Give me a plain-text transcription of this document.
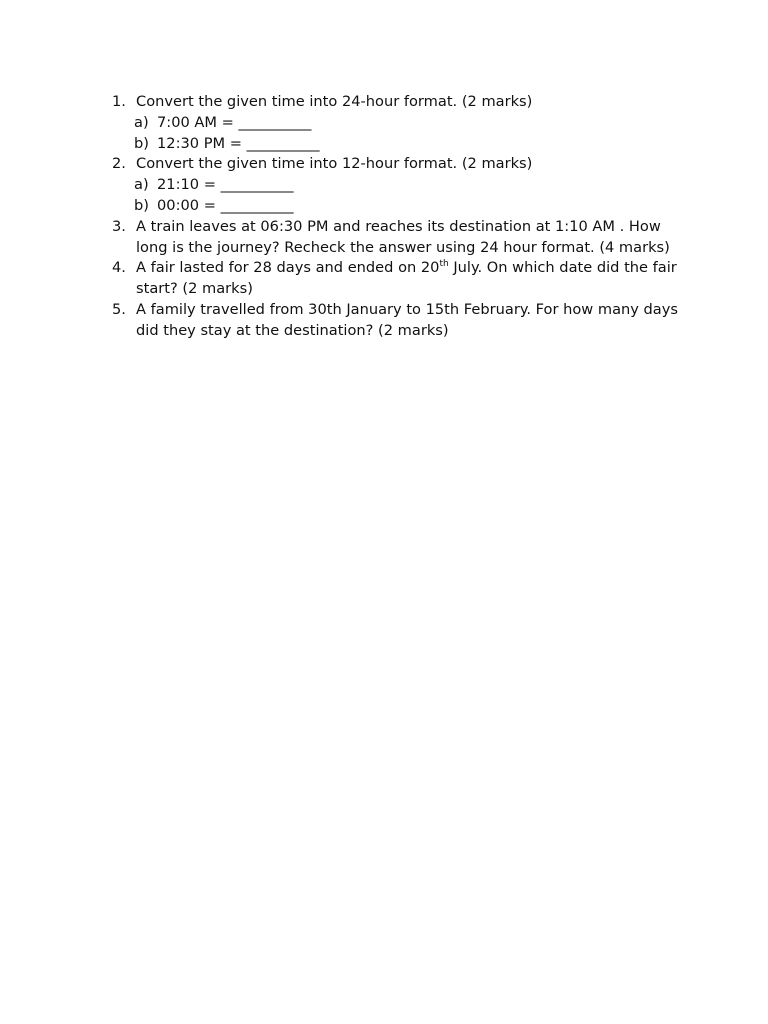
1. Convert the given time into 24-hour format. (2 marks)
a) 7:00 AM = __________
b) 12:30 PM = __________
2. Convert the given time into 12-hour format. (2 marks)
a) 21:10 = __________
b) 00:00 = __________
3. A train leaves at 06:30 PM and reaches its destination at 1:10 AM . How long is the journey? Recheck the answer using 24 hour format. (4 marks)
4. A fair lasted for 28 days and ended on 20th July. On which date did the fair start? (2 marks)
5. A family travelled from 30th January to 15th February. For how many days did they stay at the destination? (2 marks)
